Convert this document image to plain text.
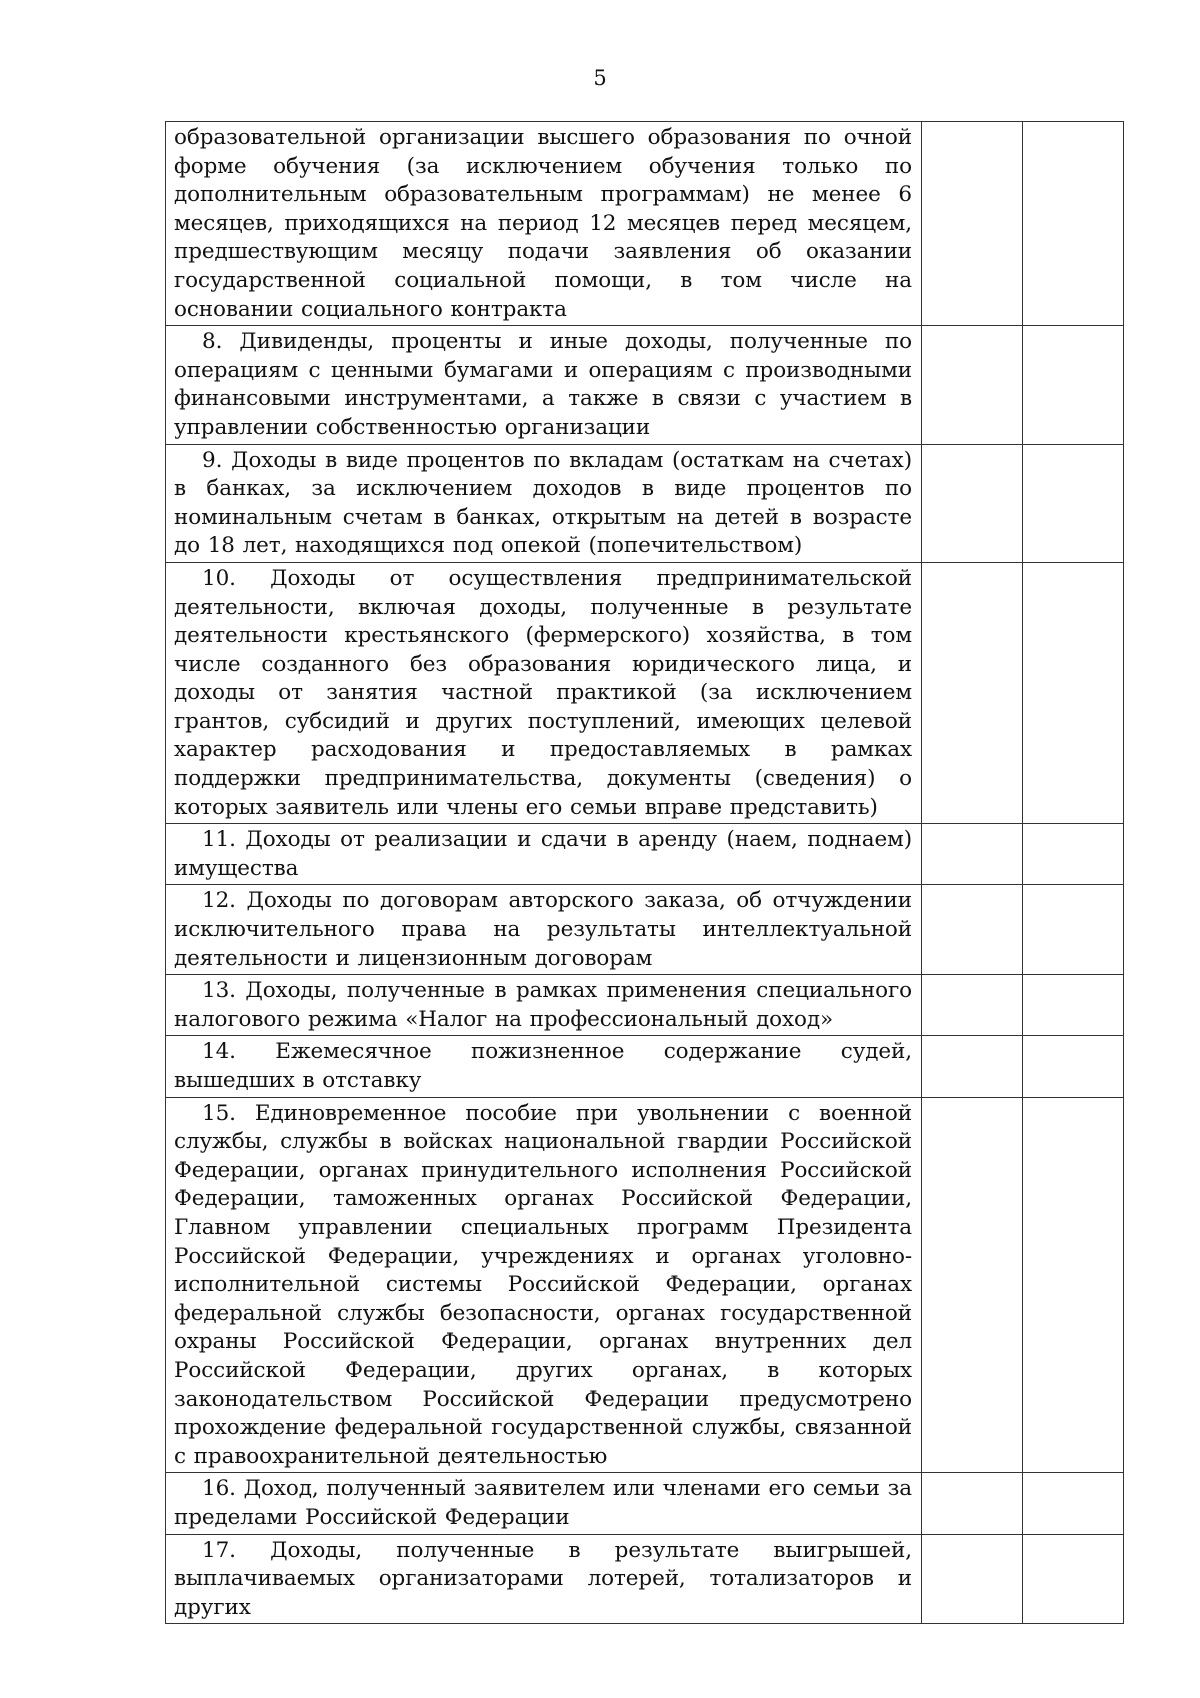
5
образовательной организации высшего образования по очной форме обучения (за исключением обучения только по дополнительным образовательным программам) не менее 6 месяцев, приходящихся на период 12 месяцев перед месяцем, предшествующим месяцу подачи заявления об оказании государственной социальной помощи, в том числе на основании социального контракта		
8. Дивиденды, проценты и иные доходы, полученные по операциям с ценными бумагами и операциям с производными финансовыми инструментами, а также в связи с участием в управлении собственностью организации		
9. Доходы в виде процентов по вкладам (остаткам на счетах) в банках, за исключением доходов в виде процентов по номинальным счетам в банках, открытым на детей в возрасте до 18 лет, находящихся под опекой (попечительством)		
10. Доходы от осуществления предпринимательской деятельности, включая доходы, полученные в результате деятельности крестьянского (фермерского) хозяйства, в том числе созданного без образования юридического лица, и доходы от занятия частной практикой (за исключением грантов, субсидий и других поступлений, имеющих целевой характер расходования и предоставляемых в рамках поддержки предпринимательства, документы (сведения) о которых заявитель или члены его семьи вправе представить)		
11. Доходы от реализации и сдачи в аренду (наем, поднаем) имущества		
12. Доходы по договорам авторского заказа, об отчуждении исключительного права на результаты интеллектуальной деятельности и лицензионным договорам		
13. Доходы, полученные в рамках применения специального налогового режима «Налог на профессиональный доход»		
14. Ежемесячное пожизненное содержание судей, вышедших в отставку		
15. Единовременное пособие при увольнении с военной службы, службы в войсках национальной гвардии Российской Федерации, органах принудительного исполнения Российской Федерации, таможенных органах Российской Федерации, Главном управлении специальных программ Президента Российской Федерации, учреждениях и органах уголовно-исполнительной системы Российской Федерации, органах федеральной службы безопасности, органах государственной охраны Российской Федерации, органах внутренних дел Российской Федерации, других органах, в которых законодательством Российской Федерации предусмотрено прохождение федеральной государственной службы, связанной с правоохранительной деятельностью		
16. Доход, полученный заявителем или членами его семьи за пределами Российской Федерации		
17. Доходы, полученные в результате выигрышей, выплачиваемых организаторами лотерей, тотализаторов и других		
